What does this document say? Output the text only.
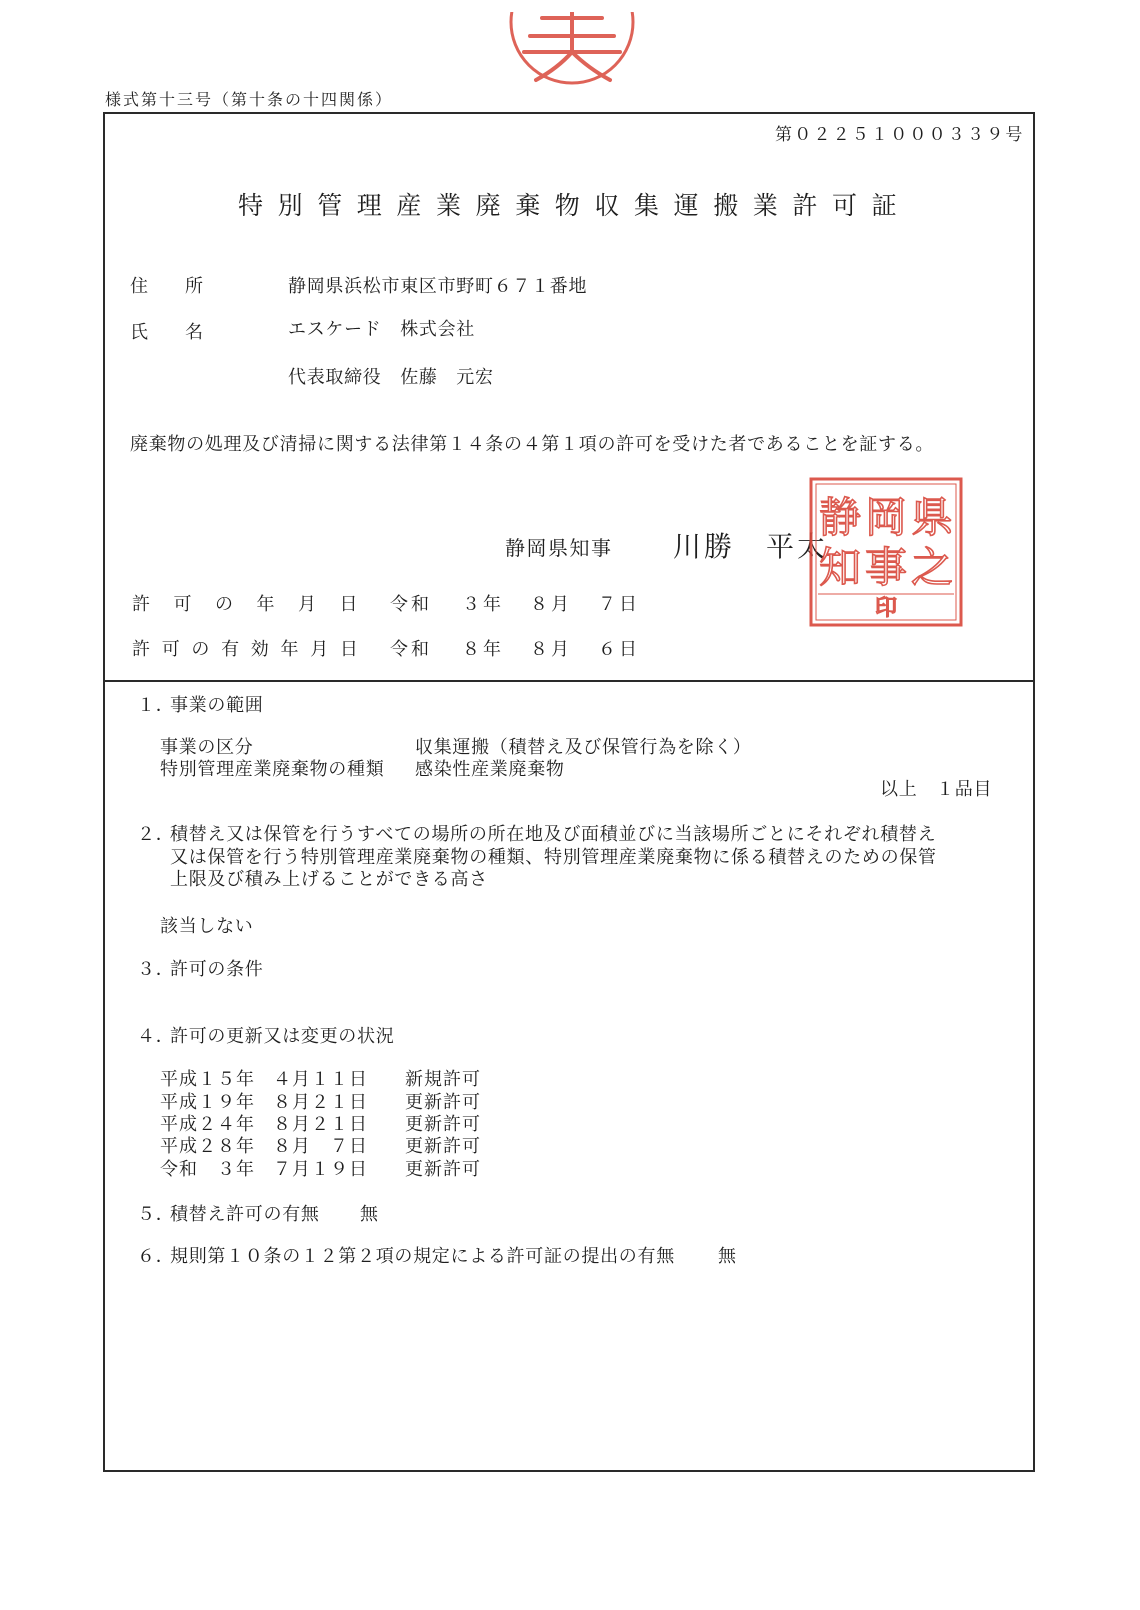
様式第十三号（第十条の十四関係）
第０２２５１０００３３９号
特別管理産業廃棄物収集運搬業許可証
住所	静岡県浜松市東区市野町６７１番地
氏名	エスケード　株式会社
代表取締役　佐藤　元宏
廃棄物の処理及び清掃に関する法律第１４条の４第１項の許可を受けた者であることを証する。
静岡県知事 川勝　平太
静 岡 県
知 事 之
印
許可の年月日 令和 ３年 ８月 ７日
許可の有効年月日 令和 ８年 ８月 ６日
１．
事業の範囲
事業の区分	収集運搬（積替え及び保管行為を除く）
特別管理産業廃棄物の種類 感染性産業廃棄物
以上　１品目
２．
積替え又は保管を行うすべての場所の所在地及び面積並びに当該場所ごとにそれぞれ積替え
又は保管を行う特別管理産業廃棄物の種類、特別管理産業廃棄物に係る積替えのための保管
上限及び積み上げることができる高さ
該当しない
３．
許可の条件
４．
許可の更新又は変更の状況
平成１５年 ４月１１日 新規許可
平成１９年 ８月２１日 更新許可
平成２４年 ８月２１日 更新許可
平成２８年 ８月　７日 更新許可
令和　３年 ７月１９日 更新許可
５．
積替え許可の有無 無
６．
規則第１０条の１２第２項の規定による許可証の提出の有無 無
